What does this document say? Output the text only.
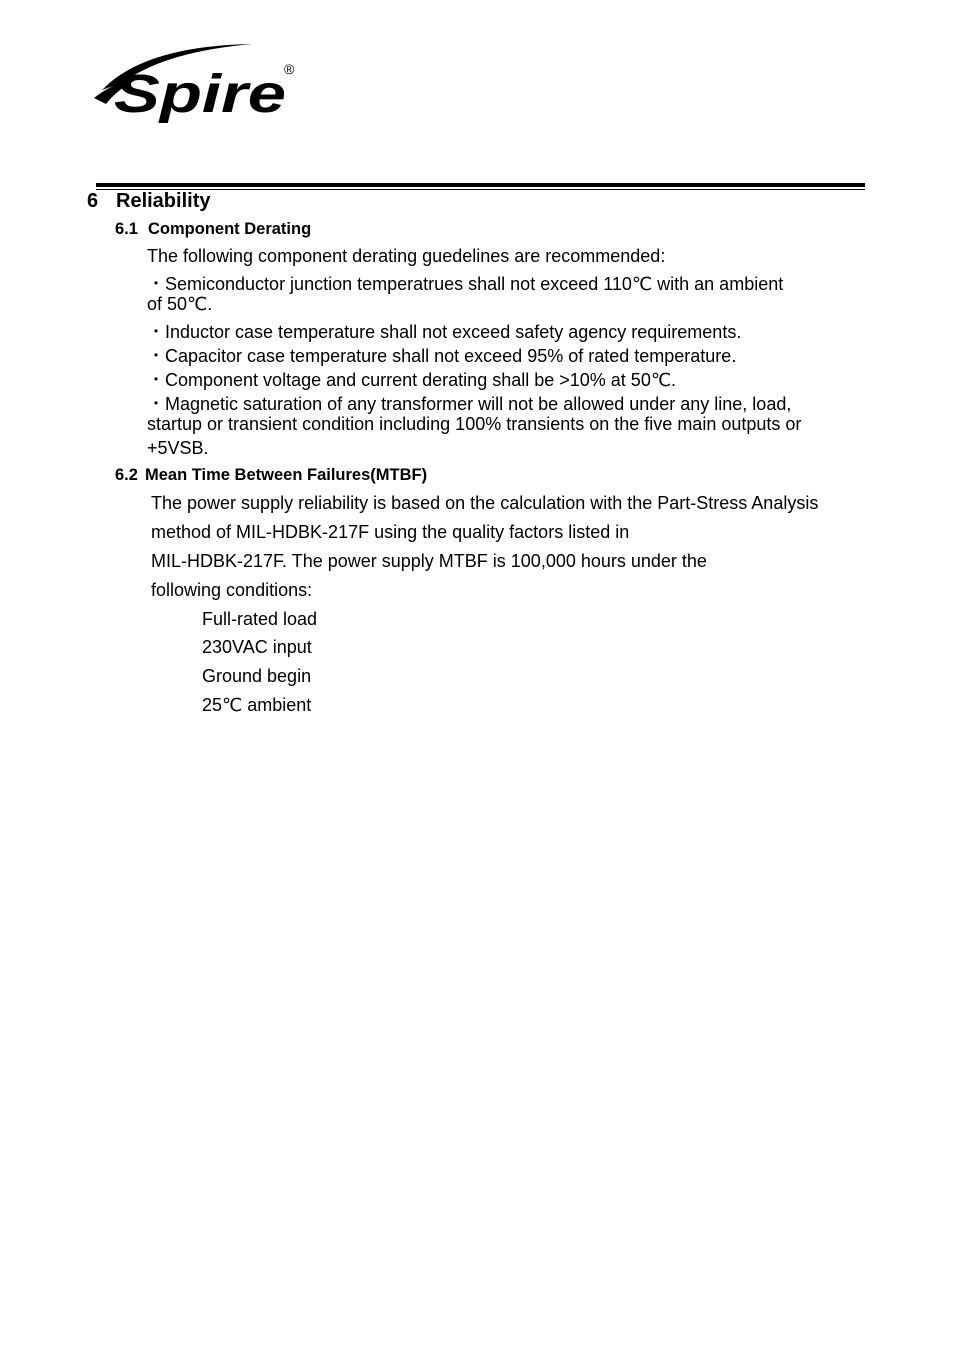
Spire
®
6 Reliability
6.1 Component Derating
The following component derating guedelines are recommended:
・Semiconductor junction temperatrues shall not exceed 110℃ with an ambient
of 50℃.
・Inductor case temperature shall not exceed safety agency requirements.
・Capacitor case temperature shall not exceed 95% of rated temperature.
・Component voltage and current derating shall be >10% at 50℃.
・Magnetic saturation of any transformer will not be allowed under any line, load,
startup or transient condition including 100% transients on the five main outputs or
+5VSB.
6.2 Mean Time Between Failures(MTBF)
The power supply reliability is based on the calculation with the Part-Stress Analysis
method of MIL-HDBK-217F using the quality factors listed in
MIL-HDBK-217F. The power supply MTBF is 100,000 hours under the
following conditions:
Full-rated load
230VAC input
Ground begin
25℃ ambient
